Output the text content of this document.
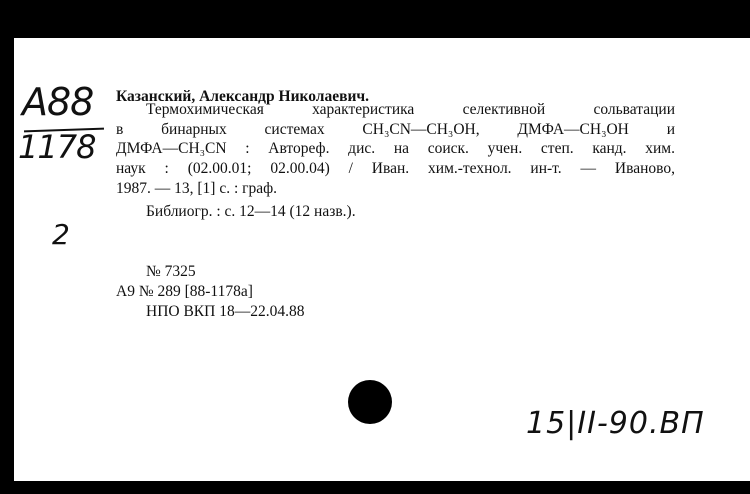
A88
1178
2
Казанский, Александр Николаевич.
Термохимическая характеристика селективной сольватации
в бинарных системах CH₃CN—CH₃OH, ДМФА—CH₃OH и
ДМФА—CH₃CN : Автореф. дис. на соиск. учен. степ. канд. хим.
наук : (02.00.01; 02.00.04) / Иван. хим.-технол. ин-т. — Иваново,
1987. — 13, [1] с. : граф.
Библиогр. : с. 12—14 (12 назв.).
№ 7325
А9 № 289 [88-1178а]
НПО ВКП 18—22.04.88
15|II-90.ВП
